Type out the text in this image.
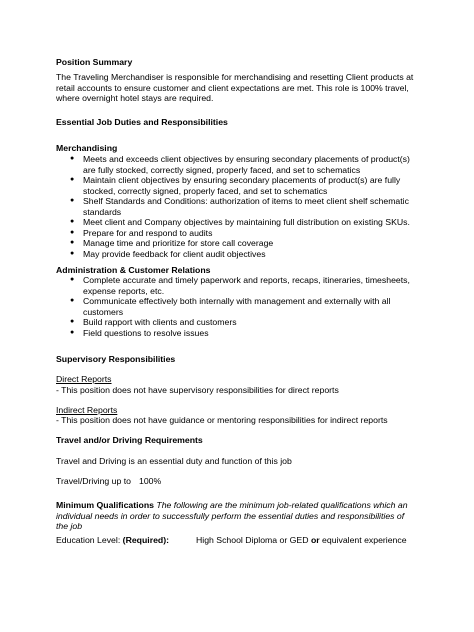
Position Summary
The Traveling Merchandiser is responsible for merchandising and resetting Client products at retail accounts to ensure customer and client expectations are met. This role is 100% travel, where overnight hotel stays are required.
Essential Job Duties and Responsibilities
Merchandising
● Meets and exceeds client objectives by ensuring secondary placements of product(s) are fully stocked, correctly signed, properly faced, and set to schematics
● Maintain client objectives by ensuring secondary placements of product(s) are fully stocked, correctly signed, properly faced, and set to schematics
● Shelf Standards and Conditions: authorization of items to meet client shelf schematic standards
● Meet client and Company objectives by maintaining full distribution on existing SKUs.
● Prepare for and respond to audits
● Manage time and prioritize for store call coverage
● May provide feedback for client audit objectives
Administration & Customer Relations
● Complete accurate and timely paperwork and reports, recaps, itineraries, timesheets, expense reports, etc.
● Communicate effectively both internally with management and externally with all customers
● Build rapport with clients and customers
● Field questions to resolve issues
Supervisory Responsibilities
Direct Reports
- This position does not have supervisory responsibilities for direct reports
Indirect Reports
- This position does not have guidance or mentoring responsibilities for indirect reports
Travel and/or Driving Requirements
Travel and Driving is an essential duty and function of this job
Travel/Driving up to 100%
Minimum Qualifications The following are the minimum job-related qualifications which an individual needs in order to successfully perform the essential duties and responsibilities of the job
Education Level: (Required):	High School Diploma or GED or equivalent experience
